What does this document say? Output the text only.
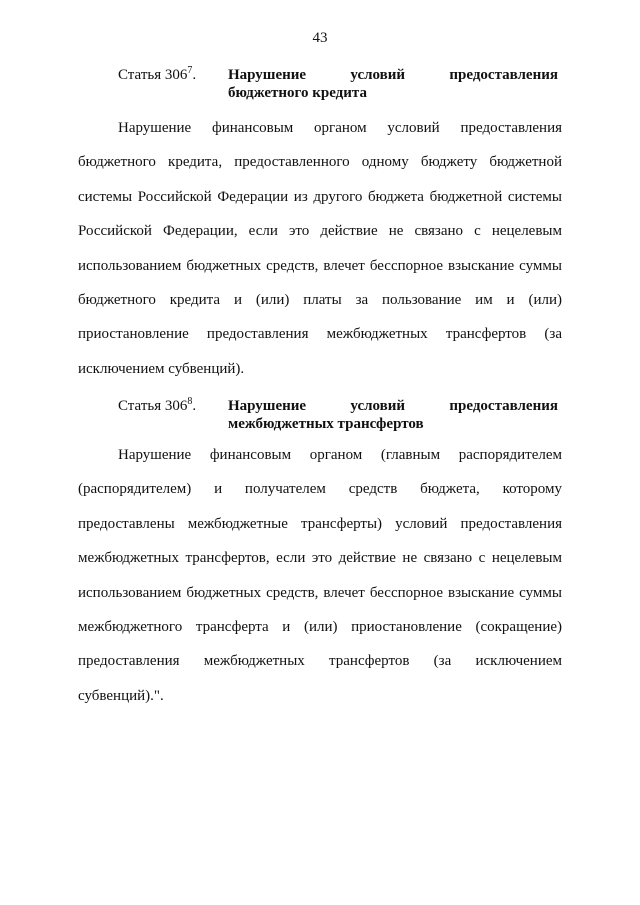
43
Статья $306^7$. Нарушение условий предоставления
бюджетного кредита

Нарушение финансовым органом условий предоставления бюджетного кредита, предоставленного одному бюджету бюджетной системы Российской Федерации из другого бюджета бюджетной системы Российской Федерации, если это действие не связано с нецелевым использованием бюджетных средств, влечет бесспорное взыскание суммы бюджетного кредита и (или) платы за пользование им и (или) приостановление предоставления межбюджетных трансфертов (за исключением субвенций).

Статья $306^8$. Нарушение условий предоставления
межбюджетных трансфертов

Нарушение финансовым органом (главным распорядителем (распорядителем) и получателем средств бюджета, которому предоставлены межбюджетные трансферты) условий предоставления межбюджетных трансфертов, если это действие не связано с нецелевым использованием бюджетных средств, влечет бесспорное взыскание суммы межбюджетного трансферта и (или) приостановление (сокращение) предоставления межбюджетных трансфертов (за исключением субвенций).".
